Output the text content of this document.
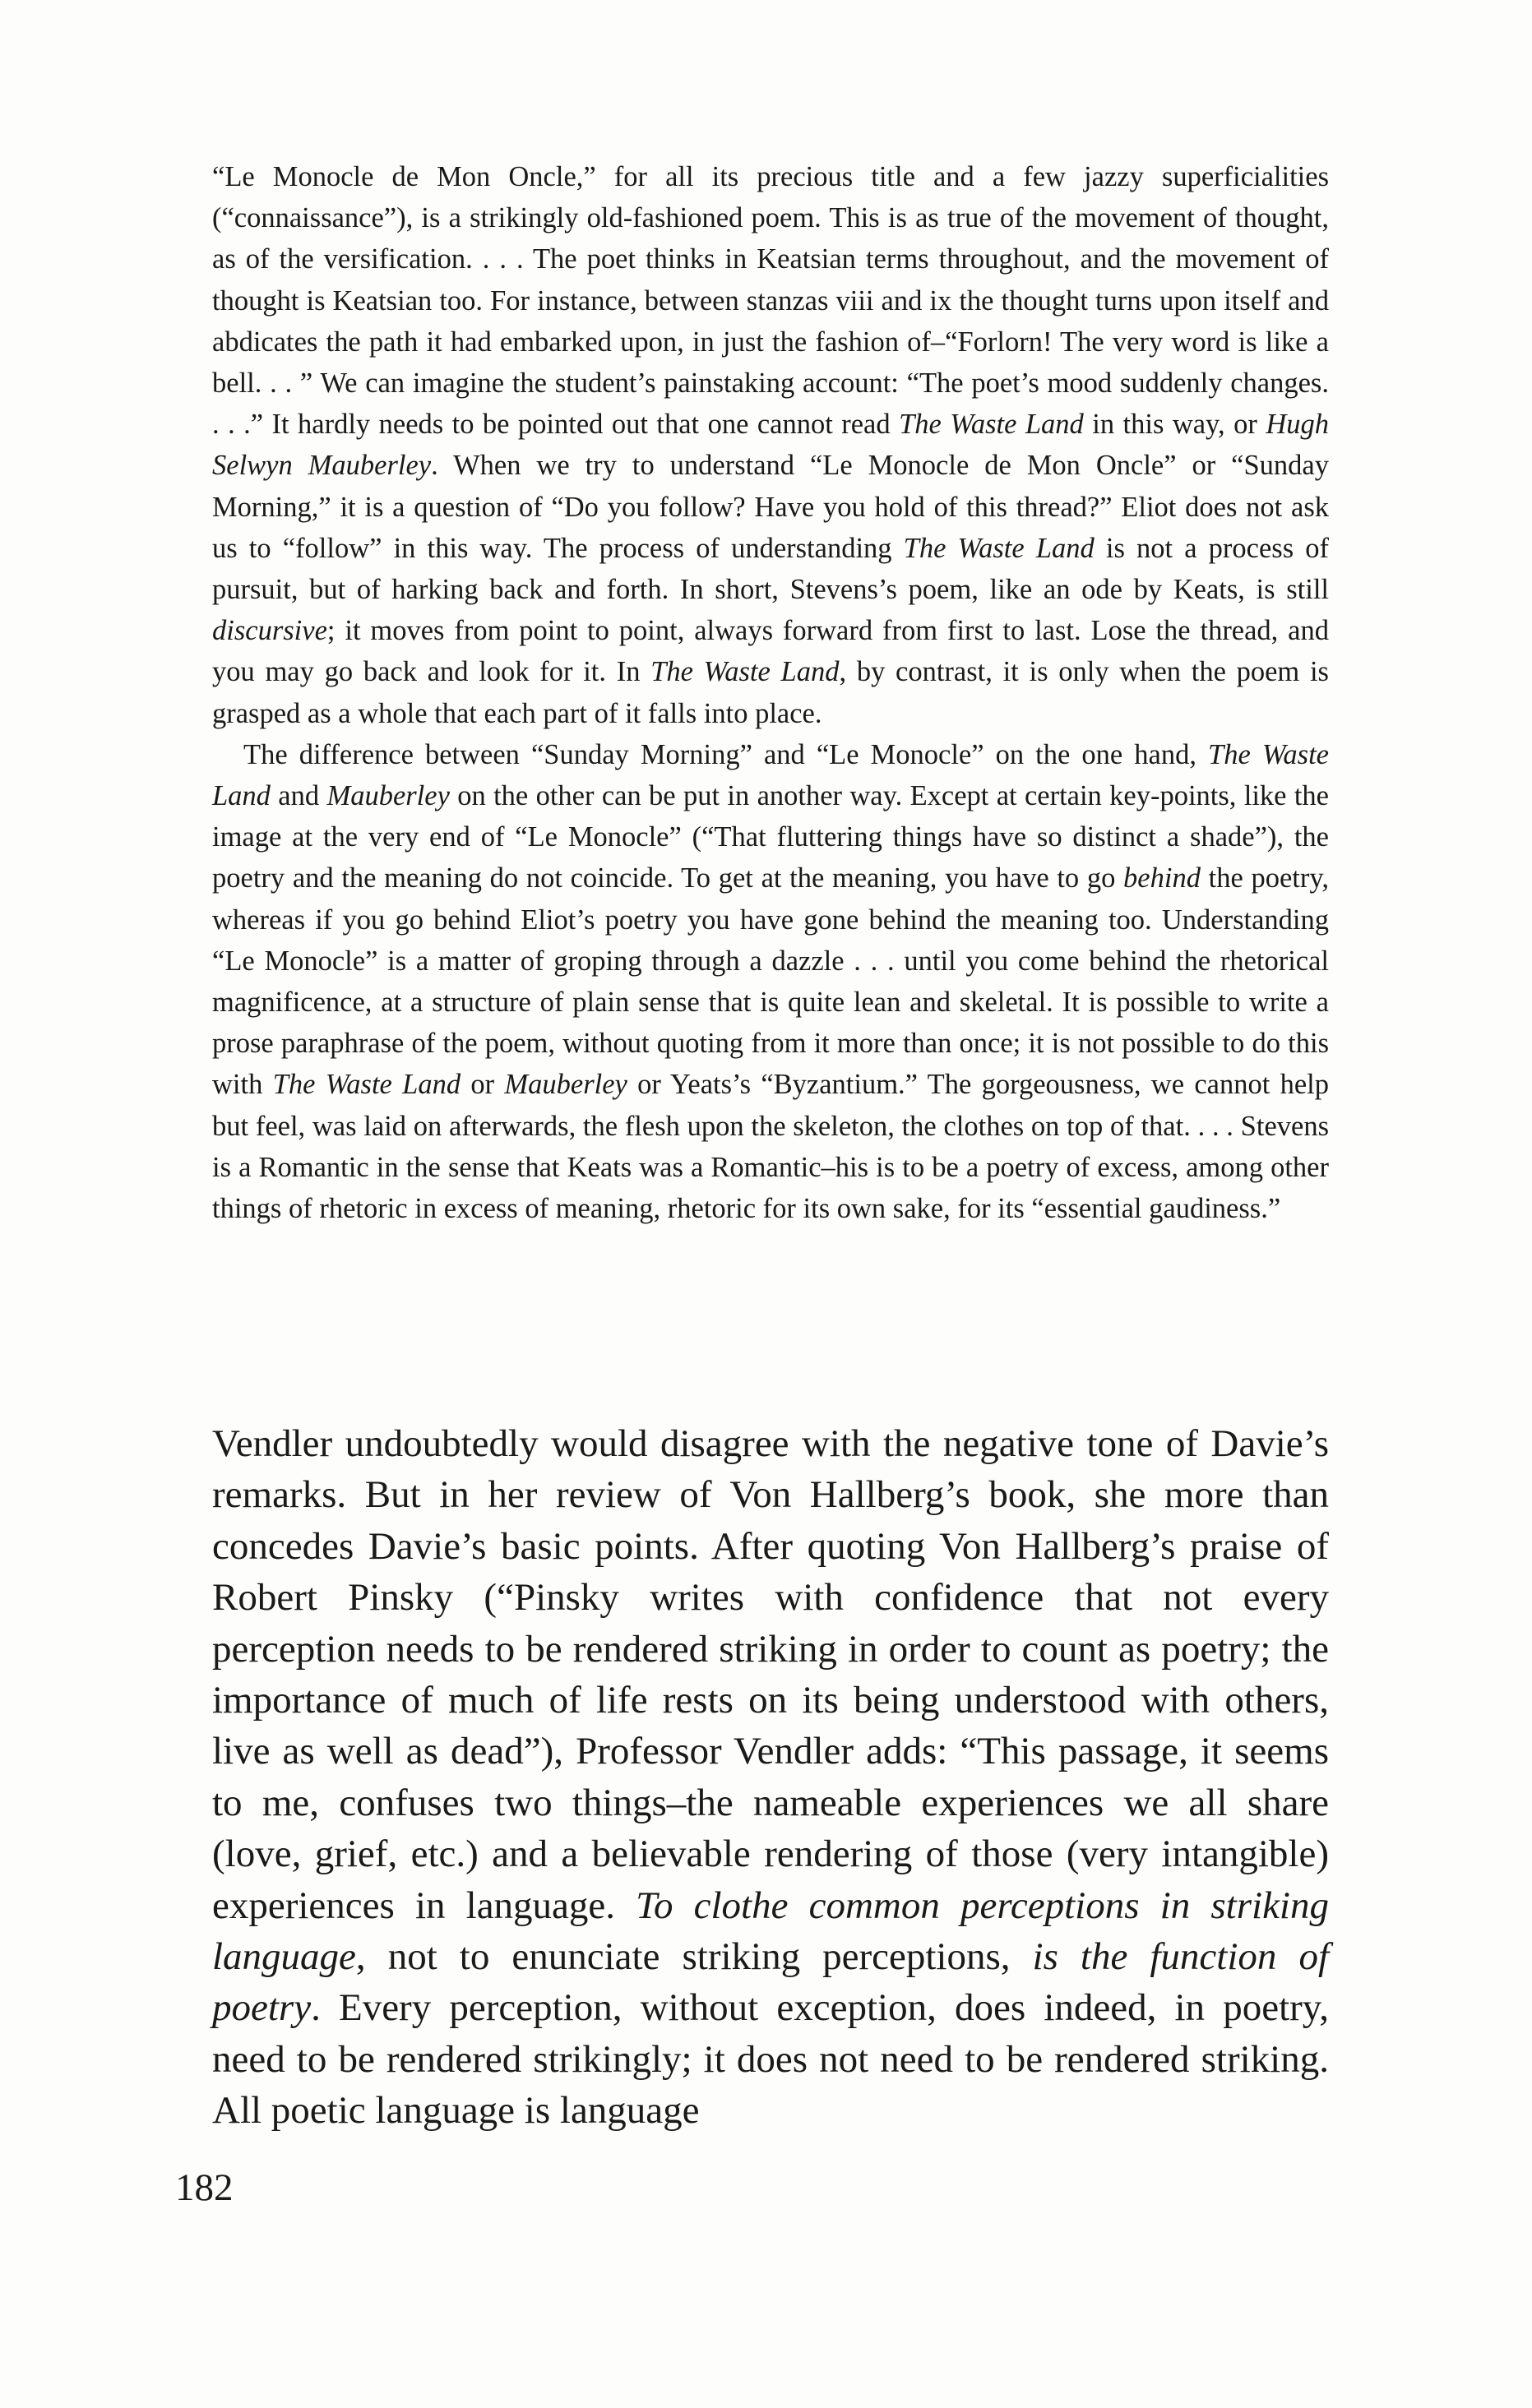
“Le Monocle de Mon Oncle,” for all its precious title and a few jazzy superficialities (“connaissance”), is a strikingly old-fashioned poem. This is as true of the movement of thought, as of the versification. . . . The poet thinks in Keatsian terms throughout, and the movement of thought is Keatsian too. For instance, between stanzas viii and ix the thought turns upon itself and abdicates the path it had embarked upon, in just the fashion of–“Forlorn! The very word is like a bell. . . ” We can imagine the student’s painstaking account: “The poet’s mood suddenly changes. . . .” It hardly needs to be pointed out that one cannot read The Waste Land in this way, or Hugh Selwyn Mauberley. When we try to understand “Le Monocle de Mon Oncle” or “Sunday Morning,” it is a question of “Do you follow? Have you hold of this thread?” Eliot does not ask us to “follow” in this way. The process of understanding The Waste Land is not a process of pursuit, but of harking back and forth. In short, Stevens’s poem, like an ode by Keats, is still discursive; it moves from point to point, always forward from first to last. Lose the thread, and you may go back and look for it. In The Waste Land, by contrast, it is only when the poem is grasped as a whole that each part of it falls into place.

The difference between “Sunday Morning” and “Le Monocle” on the one hand, The Waste Land and Mauberley on the other can be put in another way. Except at certain key-points, like the image at the very end of “Le Monocle” (“That fluttering things have so distinct a shade”), the poetry and the meaning do not coincide. To get at the meaning, you have to go behind the poetry, whereas if you go behind Eliot’s poetry you have gone behind the meaning too. Understanding “Le Monocle” is a matter of groping through a dazzle . . . until you come behind the rhetorical magnificence, at a structure of plain sense that is quite lean and skeletal. It is possible to write a prose paraphrase of the poem, without quoting from it more than once; it is not possible to do this with The Waste Land or Mauberley or Yeats’s “Byzantium.” The gorgeousness, we cannot help but feel, was laid on afterwards, the flesh upon the skeleton, the clothes on top of that. . . . Stevens is a Romantic in the sense that Keats was a Romantic–his is to be a poetry of excess, among other things of rhetoric in excess of meaning, rhetoric for its own sake, for its “essential gaudiness.”

Vendler undoubtedly would disagree with the negative tone of Davie’s remarks. But in her review of Von Hallberg’s book, she more than concedes Davie’s basic points. After quoting Von Hallberg’s praise of Robert Pinsky (“Pinsky writes with confidence that not every perception needs to be rendered striking in order to count as poetry; the importance of much of life rests on its being understood with others, live as well as dead”), Professor Vendler adds: “This passage, it seems to me, confuses two things–the nameable experiences we all share (love, grief, etc.) and a believable rendering of those (very intangible) experiences in language. To clothe common perceptions in striking language, not to enunciate striking perceptions, is the function of poetry. Every perception, without exception, does indeed, in poetry, need to be rendered strikingly; it does not need to be rendered striking. All poetic language is language

182
